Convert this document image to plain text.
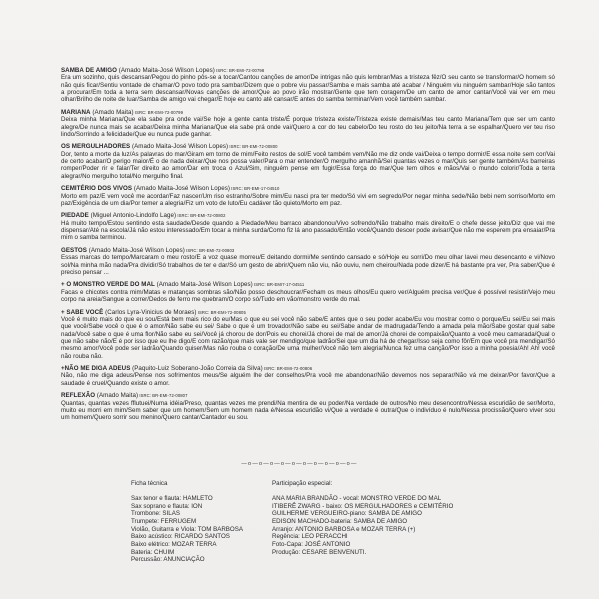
SAMBA DE AMIGO (Amado Maita-José Wilson Lopes) ISRC: BR-EMI-72-00798

Era um sozinho, quis descansar/Pegou do pinho pôs-se a tocar/Cantou canções de amor/De intrigas não quis lembrar/Mas a tristeza fêz/O seu canto se transformar/O homem só não quis ficar/Sentiu vontade de chamar/O povo todo pra sambar/Dizem que o pobre viu passar/Samba e mais samba até acabar / Ninguém viu ninguém sambar/Hoje são tantos a procurar/Em toda a terra sem descansar/Novas canções de amor/Que ao povo irão mostrar/Gente que tem coragem/De um canto de amor cantar/Você vai ver em meu olhar/Brilho de noite de luar/Samba de amigo vai chegar/E hoje eu canto até cansar/E antes do samba terminar/Vem você também sambar.

MARIANA (Amado Maita) ISRC: BR-EMI-72-00799

Deixa minha Mariana/Que ela sabe pra onde vai/Se hoje a gente canta triste/É porque tristeza existe/Tristeza existe demais/Mas teu canto Mariana/Tem que ser um canto alegre/De nunca mais se acabar/Deixa minha Mariana/Que ela sabe prá onde vai/Quero a cor do teu cabelo/Do teu rosto do teu jeito/Na terra a se espalhar/Quero ver teu riso lindo/Sorrindo a felicidade/Que eu nunca pude ganhar.

OS MERGULHADORES (Amado Maita-José Wilson Lopes) ISRC: BR-EMI-72-00800

Dor, tento a morte da luz/As palavras do mar/Giram em torno de mim/Feito restos de sol/E você também vem/Não me diz onde vai/Deixa o tempo dormir/E essa noite sem cor/Vai de certo acabar/O perigo maior/É o de nada deixar/Que nos possa valer/Para o mar entender/O mergulho amanhã/Sei quantas vezes o mar/Quis ser gente também/As barreiras romper/Poder rir e falar/Ter direito ao amor/Dar em troca o Azul/Sim, ninguém pense em fugir/Essa força do mar/Que tem olhos e mãos/Vai o mundo colorir/Toda a terra alegrar/No mergulho total/No mergulho final.

CEMITÉRIO DOS VIVOS (Amado Maita-José Wilson Lopes) ISRC: BR-EMI-17-04510

Morto em paz/E vem você me acordar/Faz nascer/Um riso estranho/Sobre mim/Eu nasci pra ter medo/Só vivi em segredo/Por negar minha sede/Não bebi nem sorriso/Morto em paz/Exigência de um dia/Por temer a alegria/Fiz um voto de luto/Eu cadáver tão quieto/Morto em paz.

PIEDADE (Miguel Antonio-Lindolfo Lage) ISRC: BR-EMI-72-00802

Há muito tempo/Estou sentindo esta saudade/Desde quando a Piedade/Meu barraco abandonou/Vivo sofrendo/Não trabalho mais direito/E o chefe desse jeito/Diz que vai me dispensar/Até na escola/Já não estou interessado/Em tocar a minha surda/Como fiz lá ano passado/Então você/Quando descer pode avisar/Que não me esperem pra ensaiar/Pra mim o samba terminou.

GESTOS (Amado Maita-José Wilson Lopes) ISRC: BR-EMI-72-00803

Essas marcas do tempo/Marcaram o meu rosto/E a voz quase morreu/E deitando dormi/Me sentindo cansado e só/Hoje eu sorri/Do meu olhar lavei meu desencanto e vi/Novo sol/Na minha mão nada/Pra dividir/Só trabalhos de ter e dar/Só um gesto de abrir/Quem não viu, não ouviu, nem cheirou/Nada pode dizer/E há bastante pra ver, Pra saber/Que é preciso pensar ...

+ O MONSTRO VERDE DO MAL (Amado Maita-José Wilson Lopes) ISRC: BR-EMI7-17-04511

Facas e chicotes contra mim/Matas e matanças sombras são/Não posso deschoucrar/Fecham os meus olhos/Eu quero ver/Alguém precisa ver/Que é possível resistir/Vejo meu corpo na areia/Sangue a correr/Dedos de ferro me quebram/O corpo só/Tudo em vão/monstro verde do mal.

+ SABE VOCÊ (Carlos Lyra-Vinicius de Moraes) ISRC: BR-EMI-72-00805

Você é muito mais do que eu sou/Está bem mais rico do eu/Mas o que eu sei você não sabe/E antes que o seu poder acabe/Eu vou mostrar como o porque/Eu sei/Eu sei mais que você/Sabe você o que é o amor/Não sabe eu sei/ Sabe o que é um trovador/Não sabe eu sei/Sabe andar de madrugada/Tendo a amada pela mão/Sabe gostar qual sabe nada/Você sabe o que é uma flor/Não sabe eu sei/Você já chorou de dor/Pois eu chorei/Já chorei de mal de amor/Já chorei de compaixão/Quanto a você meu camarada/Qual o que não sabe não/E é por isso que eu lhe digo/E com razão/que mais vale ser mendigo/que ladrão/Sei que um dia há de chegar/Isso seja como fôr/Em que você pra mendigar/Só mesmo amor/Você pode ser ladrão/Quando quiser/Mas não rouba o coração/De uma mulher/Você não tem alegria/Nunca fez uma canção/Por isso a minha poesia/Ah! Ah! você não rouba não.

+NÃO ME DIGA ADEUS (Paquito-Luiz Soberano-João Correia da Silva) ISRC: BR-EMI-72-00806

Não, não me diga adeus/Pense nos sofrimentos meus/Se alguém lhe der conselhos/Pra você me abandonar/Não devemos nos separar/Não vá me deixar/Por favor/Que a saudade é cruel/Quando existe o amor.

REFLEXÃO (Amado Maita) ISRC: BR-EMI-72-00807

Quantas, quantas vezes fflutuei/Numa idéia/Preso, quantas vezes me prendi/Na mentira de eu poder/Na verdade de outros/No meu desencontro/Nessa escuridão de ser/Morto, muito eu morri em mim/Sem saber que um homem/Sem um homem nada é/Nessa escuridão vi/Que a verdade é outra/Que o indivíduo é nulo/Nessa procissão/Quero viver sou um homem/Quero sorrir sou menino/Quero cantar/Cantador eu sou.

—o—o—o—o—o—o—o—o—o—o—
Ficha técnica	Participação especial:
Sax tenor e flauta: HAMLETO
Sax soprano e flauta: ION
Trombone: SILAS
Trumpete: FERRUGEM
Violão, Guitarra e Viola: TOM BARBOSA
Baixo acústico: RICARDO SANTOS
Baixo elétrico: MOZAR TERRA
Bateria: CHUIM
Percussão: ANUNCIAÇÃO
ANA MARIA BRANDÃO - vocal: MONSTRO VERDE DO MAL
ITIBERÊ ZWARG - baixo: OS MERGULHADORES e CEMITÉRIO
GUILHERME VERGUEIRO-piano: SAMBA DE AMIGO
EDISON MACHADO-bateria: SAMBA DE AMIGO
Arranjo: ANTONIO BARBOSA e MOZAR TERRA (+)
Regência: LEO PERACCHI
Foto-Capa: JOSÉ ANTONIO
Produção: CESARE BENVENUTI.
